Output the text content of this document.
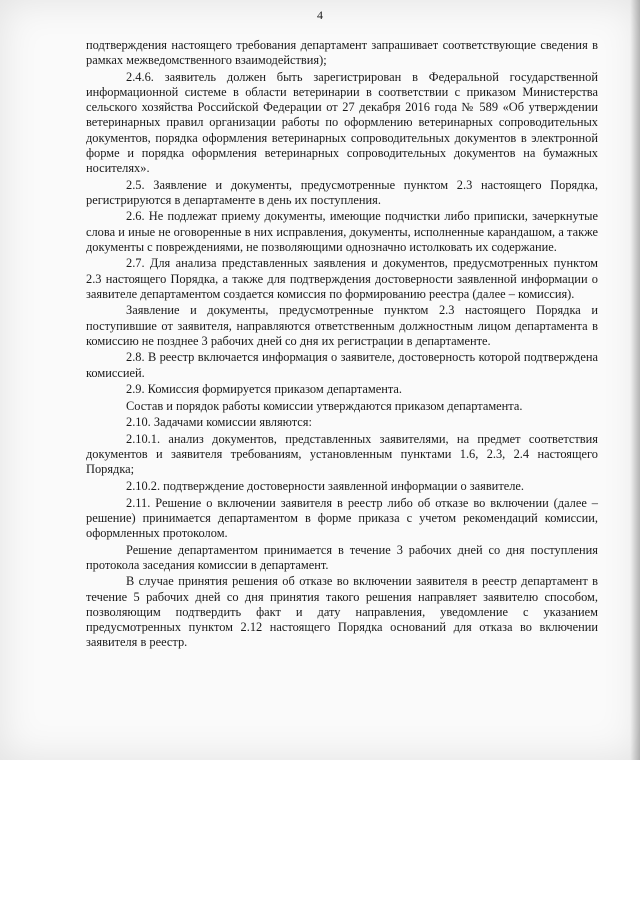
4

подтверждения настоящего требования департамент запрашивает соответствующие сведения в рамках межведомственного взаимодействия);

2.4.6. заявитель должен быть зарегистрирован в Федеральной государственной информационной системе в области ветеринарии в соответствии с приказом Министерства сельского хозяйства Российской Федерации от 27 декабря 2016 года № 589 «Об утверждении ветеринарных правил организации работы по оформлению ветеринарных сопроводительных документов, порядка оформления ветеринарных сопроводительных документов в электронной форме и порядка оформления ветеринарных сопроводительных документов на бумажных носителях».

2.5. Заявление и документы, предусмотренные пунктом 2.3 настоящего Порядка, регистрируются в департаменте в день их поступления.

2.6. Не подлежат приему документы, имеющие подчистки либо приписки, зачеркнутые слова и иные не оговоренные в них исправления, документы, исполненные карандашом, а также документы с повреждениями, не позволяющими однозначно истолковать их содержание.

2.7. Для анализа представленных заявления и документов, предусмотренных пунктом 2.3 настоящего Порядка, а также для подтверждения достоверности заявленной информации о заявителе департаментом создается комиссия по формированию реестра (далее – комиссия).

Заявление и документы, предусмотренные пунктом 2.3 настоящего Порядка и поступившие от заявителя, направляются ответственным должностным лицом департамента в комиссию не позднее 3 рабочих дней со дня их регистрации в департаменте.

2.8. В реестр включается информация о заявителе, достоверность которой подтверждена комиссией.

2.9. Комиссия формируется приказом департамента.

Состав и порядок работы комиссии утверждаются приказом департамента.

2.10. Задачами комиссии являются:

2.10.1. анализ документов, представленных заявителями, на предмет соответствия документов и заявителя требованиям, установленным пунктами 1.6, 2.3, 2.4 настоящего Порядка;

2.10.2. подтверждение достоверности заявленной информации о заявителе.

2.11. Решение о включении заявителя в реестр либо об отказе во включении (далее – решение) принимается департаментом в форме приказа с учетом рекомендаций комиссии, оформленных протоколом.

Решение департаментом принимается в течение 3 рабочих дней со дня поступления протокола заседания комиссии в департамент.

В случае принятия решения об отказе во включении заявителя в реестр департамент в течение 5 рабочих дней со дня принятия такого решения направляет заявителю способом, позволяющим подтвердить факт и дату направления, уведомление с указанием предусмотренных пунктом 2.12 настоящего Порядка оснований для отказа во включении заявителя в реестр.
